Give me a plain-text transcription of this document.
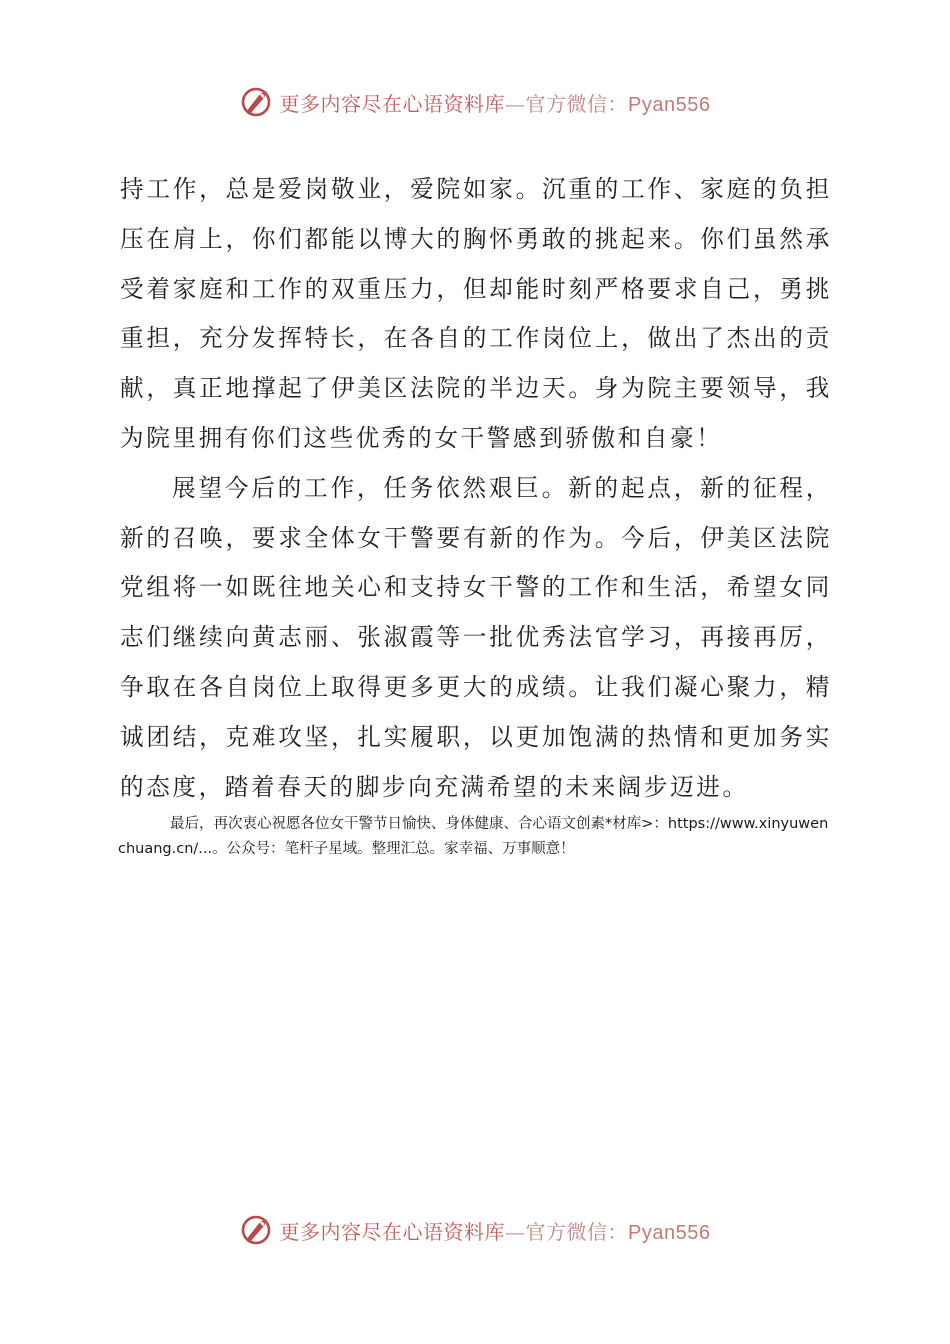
更多内容尽在心语资料库—官方微信：Pyan556

持工作，总是爱岗敬业，爱院如家。沉重的工作、家庭的负担压在肩上，你们都能以博大的胸怀勇敢的挑起来。你们虽然承受着家庭和工作的双重压力，但却能时刻严格要求自己，勇挑重担，充分发挥特长，在各自的工作岗位上，做出了杰出的贡献，真正地撑起了伊美区法院的半边天。身为院主要领导，我为院里拥有你们这些优秀的女干警感到骄傲和自豪！

展望今后的工作，任务依然艰巨。新的起点，新的征程，新的召唤，要求全体女干警要有新的作为。今后，伊美区法院党组将一如既往地关心和支持女干警的工作和生活，希望女同志们继续向黄志丽、张淑霞等一批优秀法官学习，再接再厉，争取在各自岗位上取得更多更大的成绩。让我们凝心聚力，精诚团结，克难攻坚，扎实履职，以更加饱满的热情和更加务实的态度，踏着春天的脚步向充满希望的未来阔步迈进。

最后，再次衷心祝愿各位女干警节日愉快、身体健康、合心语文创素*材库>：https://www.xinyuwenchuang.cn/...。公众号：笔杆子星域。整理汇总。家幸福、万事顺意！

更多内容尽在心语资料库—官方微信：Pyan556
